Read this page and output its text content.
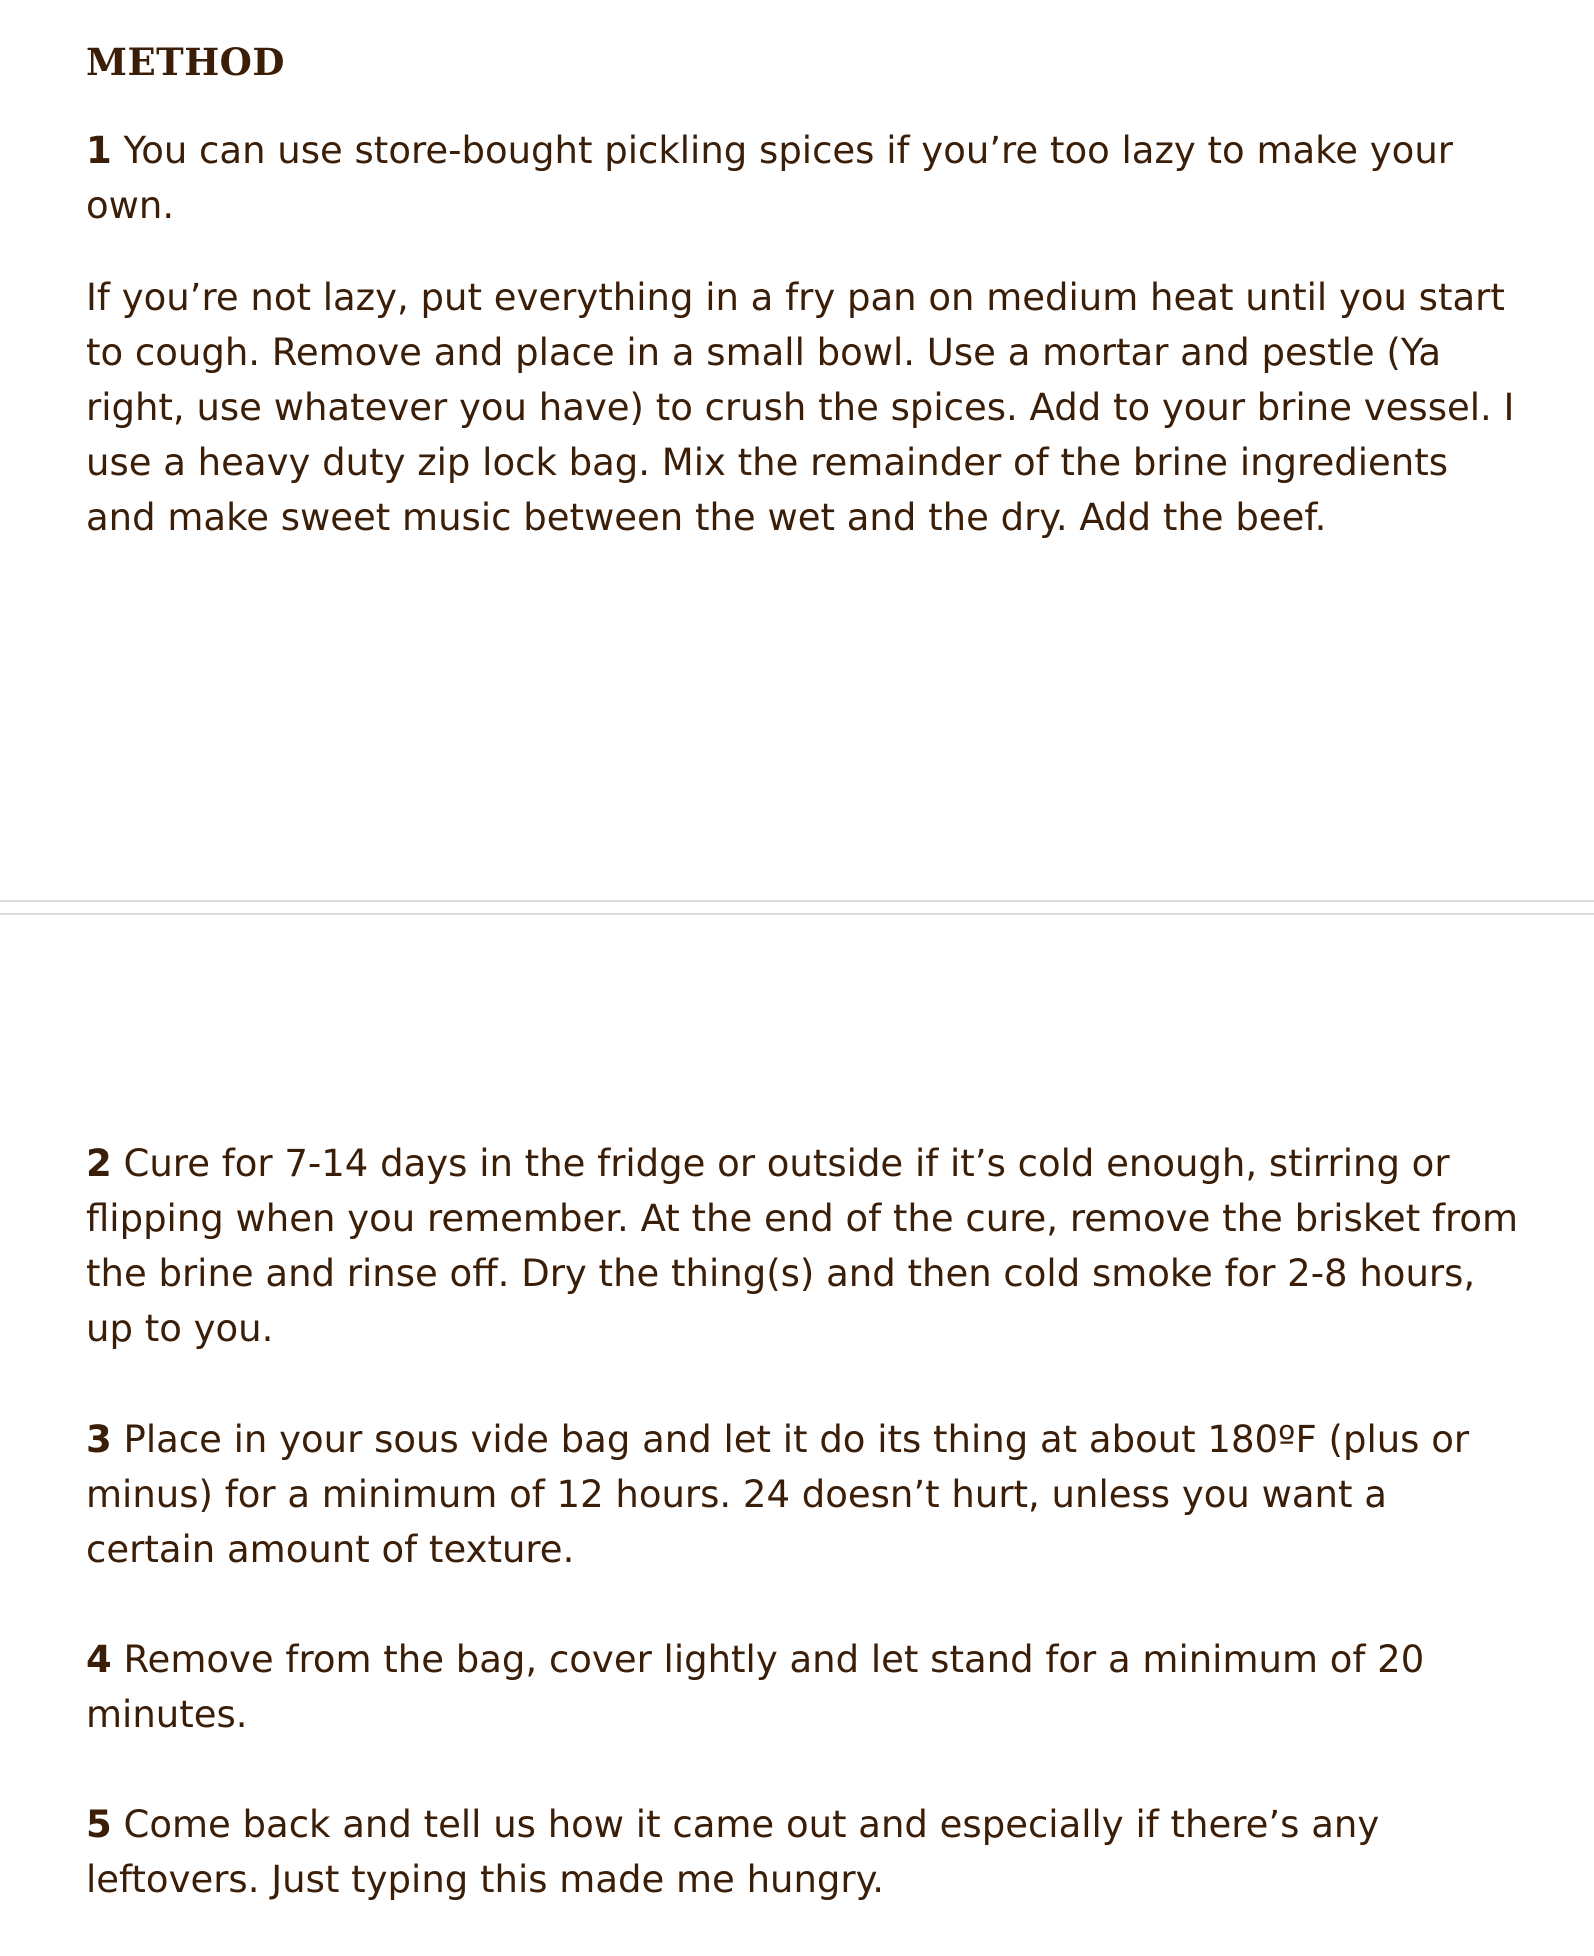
METHOD

1 You can use store-bought pickling spices if you’re too lazy to make your own.

If you’re not lazy, put everything in a fry pan on medium heat until you start to cough. Remove and place in a small bowl. Use a mortar and pestle (Ya right, use whatever you have) to crush the spices. Add to your brine vessel. I use a heavy duty zip lock bag. Mix the remainder of the brine ingredients and make sweet music between the wet and the dry. Add the beef.

2 Cure for 7-14 days in the fridge or outside if it’s cold enough, stirring or flipping when you remember. At the end of the cure, remove the brisket from the brine and rinse off. Dry the thing(s) and then cold smoke for 2-8 hours, up to you.

3 Place in your sous vide bag and let it do its thing at about 180ºF (plus or minus) for a minimum of 12 hours. 24 doesn’t hurt, unless you want a certain amount of texture.

4 Remove from the bag, cover lightly and let stand for a minimum of 20 minutes.

5 Come back and tell us how it came out and especially if there’s any leftovers. Just typing this made me hungry.
